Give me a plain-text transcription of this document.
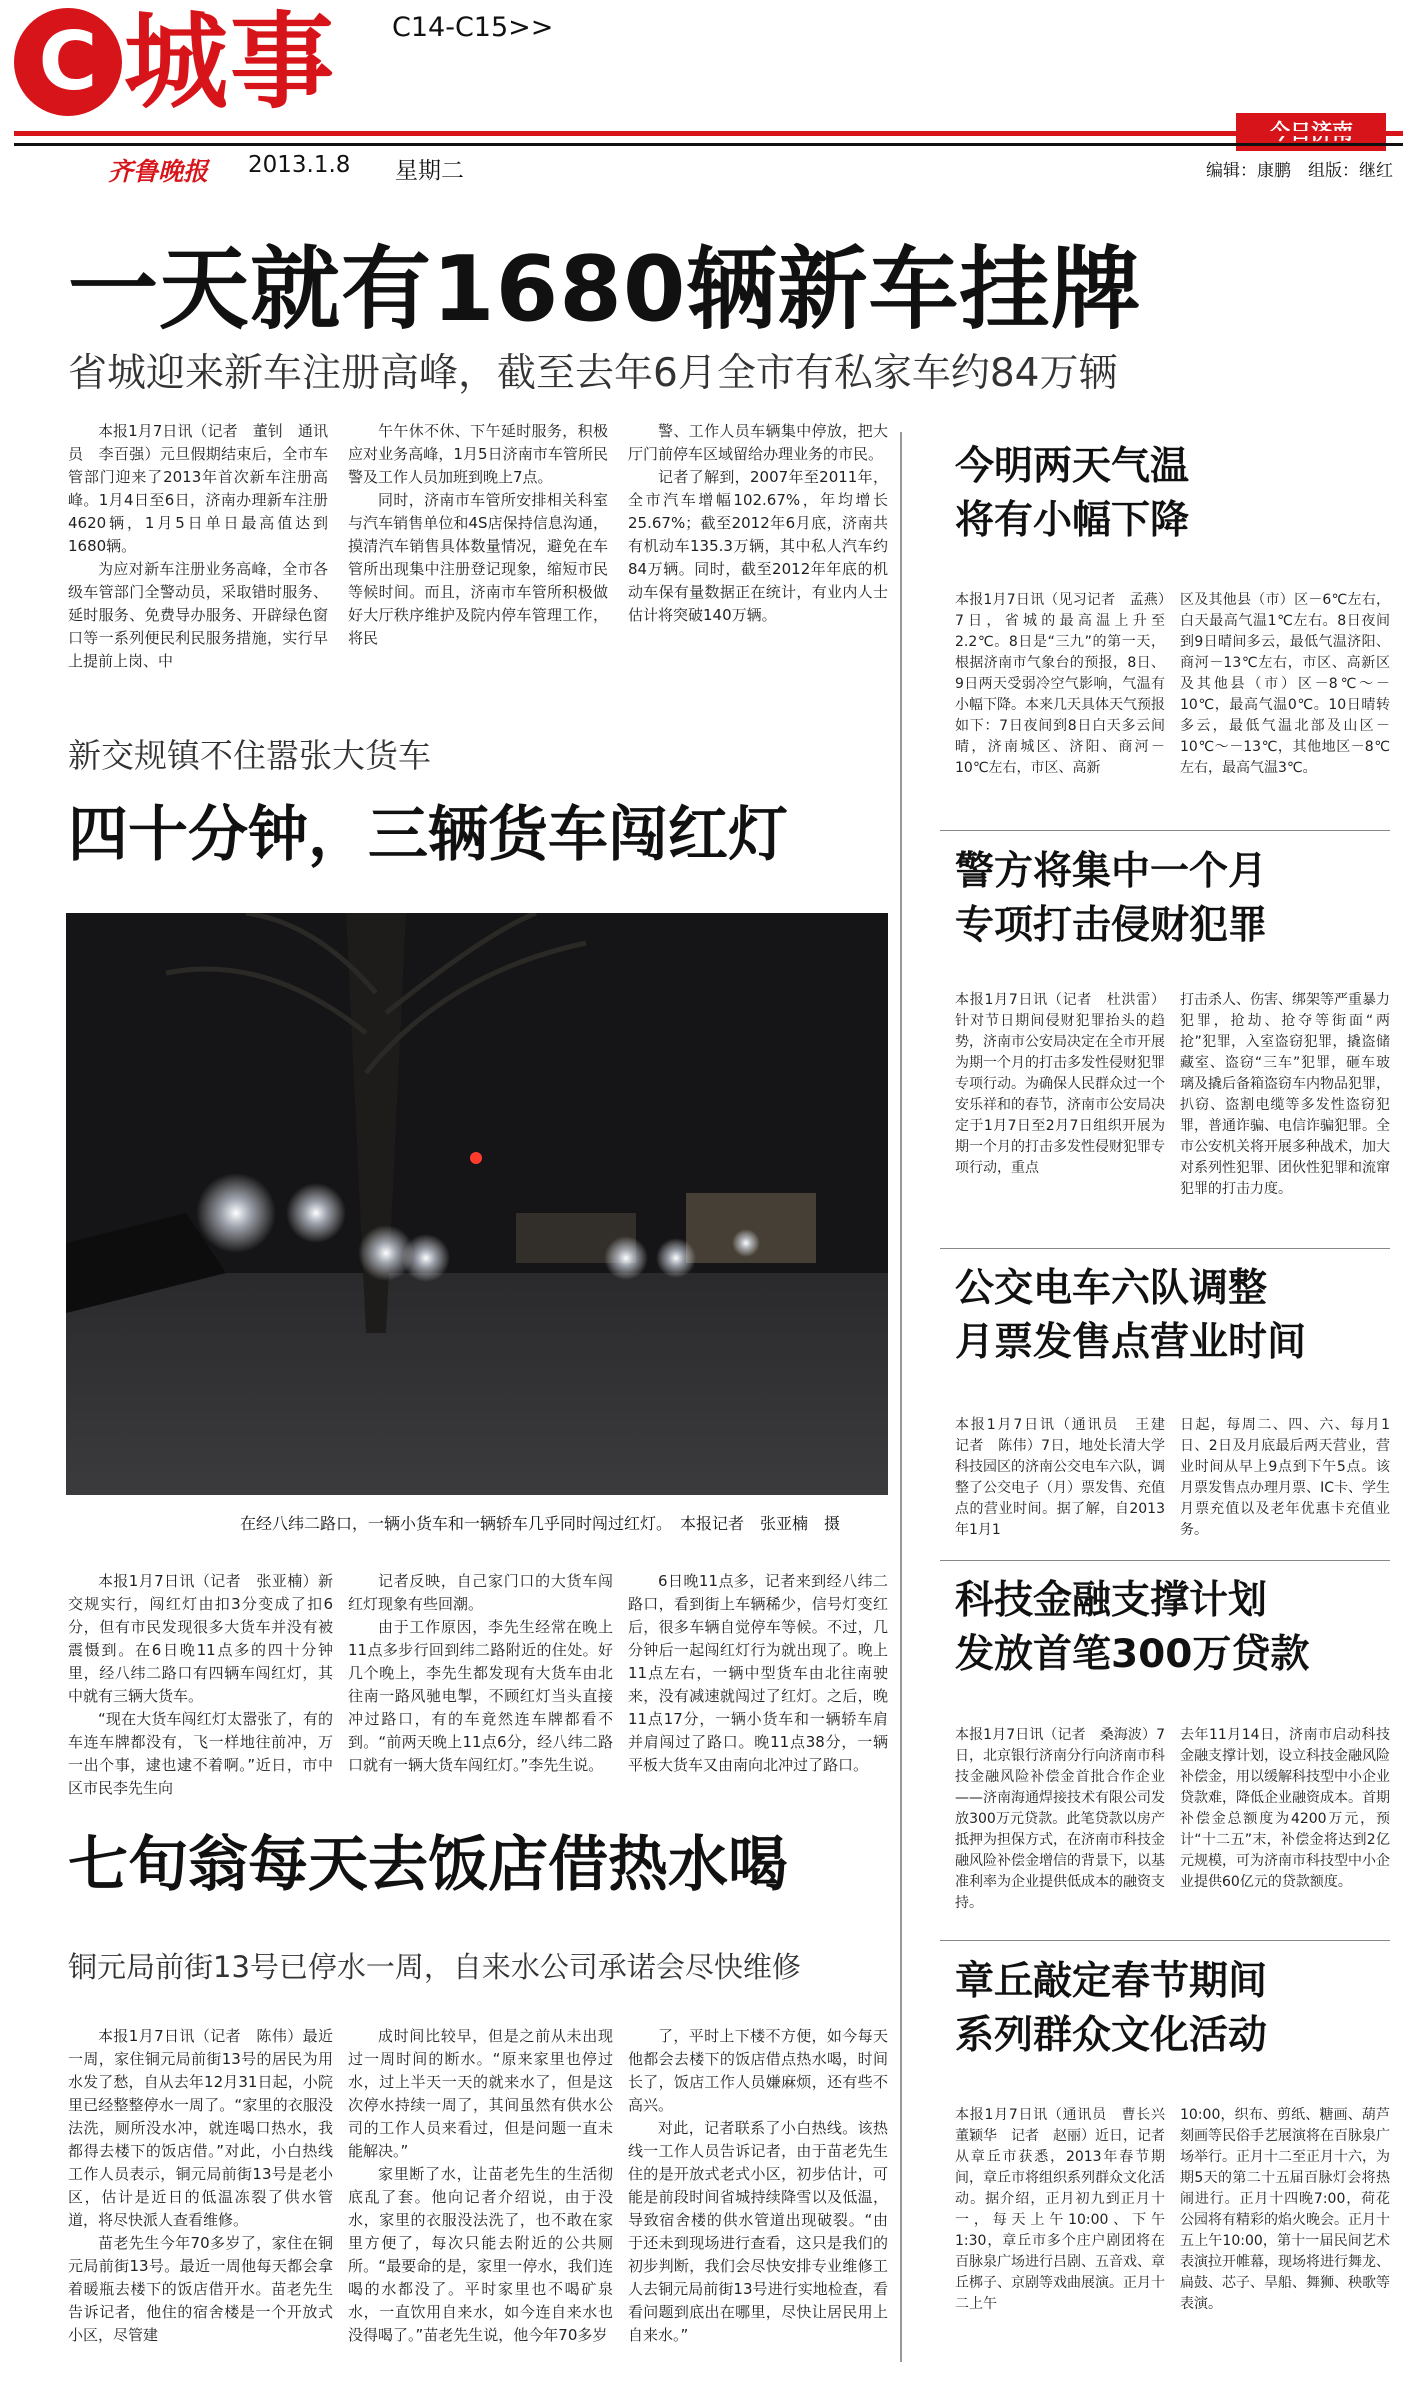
C 城事 C14-C15>>
齐鲁晚报 2013.1.8 星期二	编辑：康鹏　组版：继红
一天就有1680辆新车挂牌
省城迎来新车注册高峰，截至去年6月全市有私家车约84万辆

本报1月7日讯（记者　董钊　通讯员　李百强）元旦假期结束后，全市车管部门迎来了2013年首次新车注册高峰。1月4日至6日，济南办理新车注册4620辆，1月5日单日最高值达到1680辆。

为应对新车注册业务高峰，全市各级车管部门全警动员，采取错时服务、延时服务、免费导办服务、开辟绿色窗口等一系列便民利民服务措施，实行早上提前上岗、中

午午休不休、下午延时服务，积极应对业务高峰，1月5日济南市车管所民警及工作人员加班到晚上7点。

同时，济南市车管所安排相关科室与汽车销售单位和4S店保持信息沟通，摸清汽车销售具体数量情况，避免在车管所出现集中注册登记现象，缩短市民等候时间。而且，济南市车管所积极做好大厅秩序维护及院内停车管理工作，将民

警、工作人员车辆集中停放，把大厅门前停车区域留给办理业务的市民。

记者了解到，2007年至2011年，全市汽车增幅102.67%，年均增长25.67%；截至2012年6月底，济南共有机动车135.3万辆，其中私人汽车约84万辆。同时，截至2012年年底的机动车保有量数据正在统计，有业内人士估计将突破140万辆。

新交规镇不住嚣张大货车
四十分钟，三辆货车闯红灯
在经八纬二路口，一辆小货车和一辆轿车几乎同时闯过红灯。　本报记者　张亚楠　摄

本报1月7日讯（记者　张亚楠）新交规实行，闯红灯由扣3分变成了扣6分，但有市民发现很多大货车并没有被震慑到。在6日晚11点多的四十分钟里，经八纬二路口有四辆车闯红灯，其中就有三辆大货车。

“现在大货车闯红灯太嚣张了，有的车连车牌都没有，飞一样地往前冲，万一出个事，逮也逮不着啊。”近日，市中区市民李先生向

记者反映，自己家门口的大货车闯红灯现象有些回潮。

由于工作原因，李先生经常在晚上11点多步行回到纬二路附近的住处。好几个晚上，李先生都发现有大货车由北往南一路风驰电掣，不顾红灯当头直接冲过路口，有的车竟然连车牌都看不到。“前两天晚上11点6分，经八纬二路口就有一辆大货车闯红灯。”李先生说。

6日晚11点多，记者来到经八纬二路口，看到街上车辆稀少，信号灯变红后，很多车辆自觉停车等候。不过，几分钟后一起闯红灯行为就出现了。晚上11点左右，一辆中型货车由北往南驶来，没有减速就闯过了红灯。之后，晚11点17分，一辆小货车和一辆轿车肩并肩闯过了路口。晚11点38分，一辆平板大货车又由南向北冲过了路口。

七旬翁每天去饭店借热水喝
铜元局前街13号已停水一周，自来水公司承诺会尽快维修

本报1月7日讯（记者　陈伟）最近一周，家住铜元局前街13号的居民为用水发了愁，自从去年12月31日起，小院里已经整整停水一周了。“家里的衣服没法洗，厕所没水冲，就连喝口热水，我都得去楼下的饭店借。”对此，小白热线工作人员表示，铜元局前街13号是老小区，估计是近日的低温冻裂了供水管道，将尽快派人查看维修。

苗老先生今年70多岁了，家住在铜元局前街13号。最近一周他每天都会拿着暖瓶去楼下的饭店借开水。苗老先生告诉记者，他住的宿舍楼是一个开放式小区，尽管建

成时间比较早，但是之前从未出现过一周时间的断水。“原来家里也停过水，过上半天一天的就来水了，但是这次停水持续一周了，其间虽然有供水公司的工作人员来看过，但是问题一直未能解决。”

家里断了水，让苗老先生的生活彻底乱了套。他向记者介绍说，由于没水，家里的衣服没法洗了，也不敢在家里方便了，每次只能去附近的公共厕所。“最要命的是，家里一停水，我们连喝的水都没了。平时家里也不喝矿泉水，一直饮用自来水，如今连自来水也没得喝了。”苗老先生说，他今年70多岁

了，平时上下楼不方便，如今每天他都会去楼下的饭店借点热水喝，时间长了，饭店工作人员嫌麻烦，还有些不高兴。

对此，记者联系了小白热线。该热线一工作人员告诉记者，由于苗老先生住的是开放式老式小区，初步估计，可能是前段时间省城持续降雪以及低温，导致宿舍楼的供水管道出现破裂。“由于还未到现场进行查看，这只是我们的初步判断，我们会尽快安排专业维修工人去铜元局前街13号进行实地检查，看看问题到底出在哪里，尽快让居民用上自来水。”

今明两天气温
将有小幅下降
本报1月7日讯（见习记者　孟燕）7日，省城的最高温上升至2.2℃。8日是“三九”的第一天，根据济南市气象台的预报，8日、9日两天受弱冷空气影响，气温有小幅下降。本来几天具体天气预报如下：7日夜间到8日白天多云间晴，济南城区、济阳、商河－10℃左右，市区、高新
区及其他县（市）区－6℃左右，白天最高气温1℃左右。8日夜间到9日晴间多云，最低气温济阳、商河－13℃左右，市区、高新区及其他县（市）区－8℃～－10℃，最高气温0℃。10日晴转多云，最低气温北部及山区－10℃～－13℃，其他地区－8℃左右，最高气温3℃。
警方将集中一个月
专项打击侵财犯罪
本报1月7日讯（记者　杜洪雷）针对节日期间侵财犯罪抬头的趋势，济南市公安局决定在全市开展为期一个月的打击多发性侵财犯罪专项行动。为确保人民群众过一个安乐祥和的春节，济南市公安局决定于1月7日至2月7日组织开展为期一个月的打击多发性侵财犯罪专项行动，重点
打击杀人、伤害、绑架等严重暴力犯罪，抢劫、抢夺等街面“两抢”犯罪，入室盗窃犯罪，撬盗储藏室、盗窃“三车”犯罪，砸车玻璃及撬后备箱盗窃车内物品犯罪，扒窃、盗割电缆等多发性盗窃犯罪，普通诈骗、电信诈骗犯罪。全市公安机关将开展多种战术，加大对系列性犯罪、团伙性犯罪和流窜犯罪的打击力度。
公交电车六队调整
月票发售点营业时间
本报1月7日讯（通讯员　王建　记者　陈伟）7日，地处长清大学科技园区的济南公交电车六队，调整了公交电子（月）票发售、充值点的营业时间。据了解，自2013年1月1
日起，每周二、四、六、每月1日、2日及月底最后两天营业，营业时间从早上9点到下午5点。该月票发售点办理月票、IC卡、学生月票充值以及老年优惠卡充值业务。
科技金融支撑计划
发放首笔300万贷款
本报1月7日讯（记者　桑海波）7日，北京银行济南分行向济南市科技金融风险补偿金首批合作企业——济南海通焊接技术有限公司发放300万元贷款。此笔贷款以房产抵押为担保方式，在济南市科技金融风险补偿金增信的背景下，以基准利率为企业提供低成本的融资支持。
去年11月14日，济南市启动科技金融支撑计划，设立科技金融风险补偿金，用以缓解科技型中小企业贷款难，降低企业融资成本。首期补偿金总额度为4200万元，预计“十二五”末，补偿金将达到2亿元规模，可为济南市科技型中小企业提供60亿元的贷款额度。
章丘敲定春节期间
系列群众文化活动
本报1月7日讯（通讯员　曹长兴　董颖华　记者　赵丽）近日，记者从章丘市获悉，2013年春节期间，章丘市将组织系列群众文化活动。据介绍，正月初九到正月十一，每天上午10:00、下午1:30，章丘市多个庄户剧团将在百脉泉广场进行吕剧、五音戏、章丘梆子、京剧等戏曲展演。正月十二上午
10:00，织布、剪纸、糖画、葫芦刻画等民俗手艺展演将在百脉泉广场举行。正月十二至正月十六，为期5天的第二十五届百脉灯会将热闹进行。正月十四晚7:00，荷花公园将有精彩的焰火晚会。正月十五上午10:00，第十一届民间艺术表演拉开帷幕，现场将进行舞龙、扁鼓、芯子、旱船、舞狮、秧歌等表演。
